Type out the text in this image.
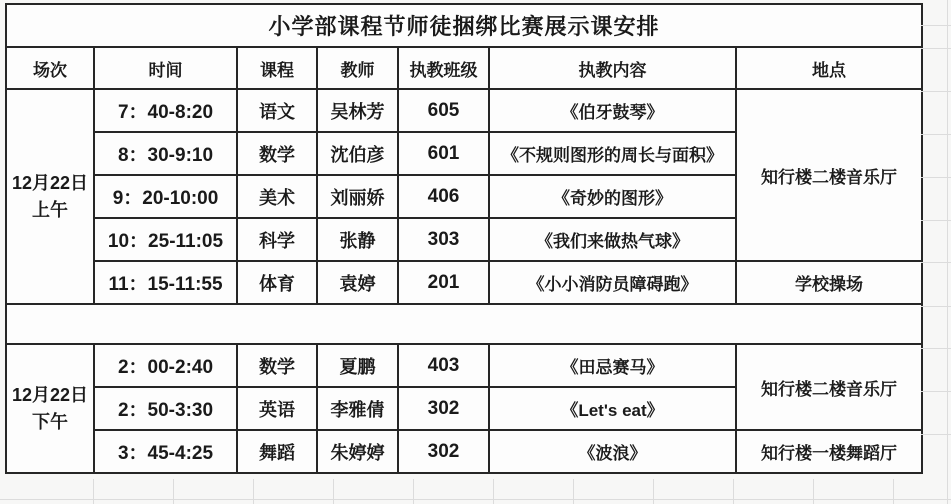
小学部课程节师徒捆绑比赛展示课安排						
场次	时间	课程	教师	执教班级	执教内容	地点

12月22日
上午	7：40-8:20	语文	吴林芳	605	《伯牙鼓琴》	知行楼二楼音乐厅
	8：30-9:10	数学	沈伯彦	601	《不规则图形的周长与面积》	
	9：20-10:00	美术	刘丽娇	406	《奇妙的图形》	
	10：25-11:05	科学	张静	303	《我们来做热气球》	
	11：15-11:55	体育	袁婷	201	《小小消防员障碍跑》	学校操场

12月22日
下午	2：00-2:40	数学	夏鹏	403	《田忌赛马》	知行楼二楼音乐厅
	2：50-3:30	英语	李雅倩	302	《Let's eat》	
	3：45-4:25	舞蹈	朱婷婷	302	《波浪》	知行楼一楼舞蹈厅
